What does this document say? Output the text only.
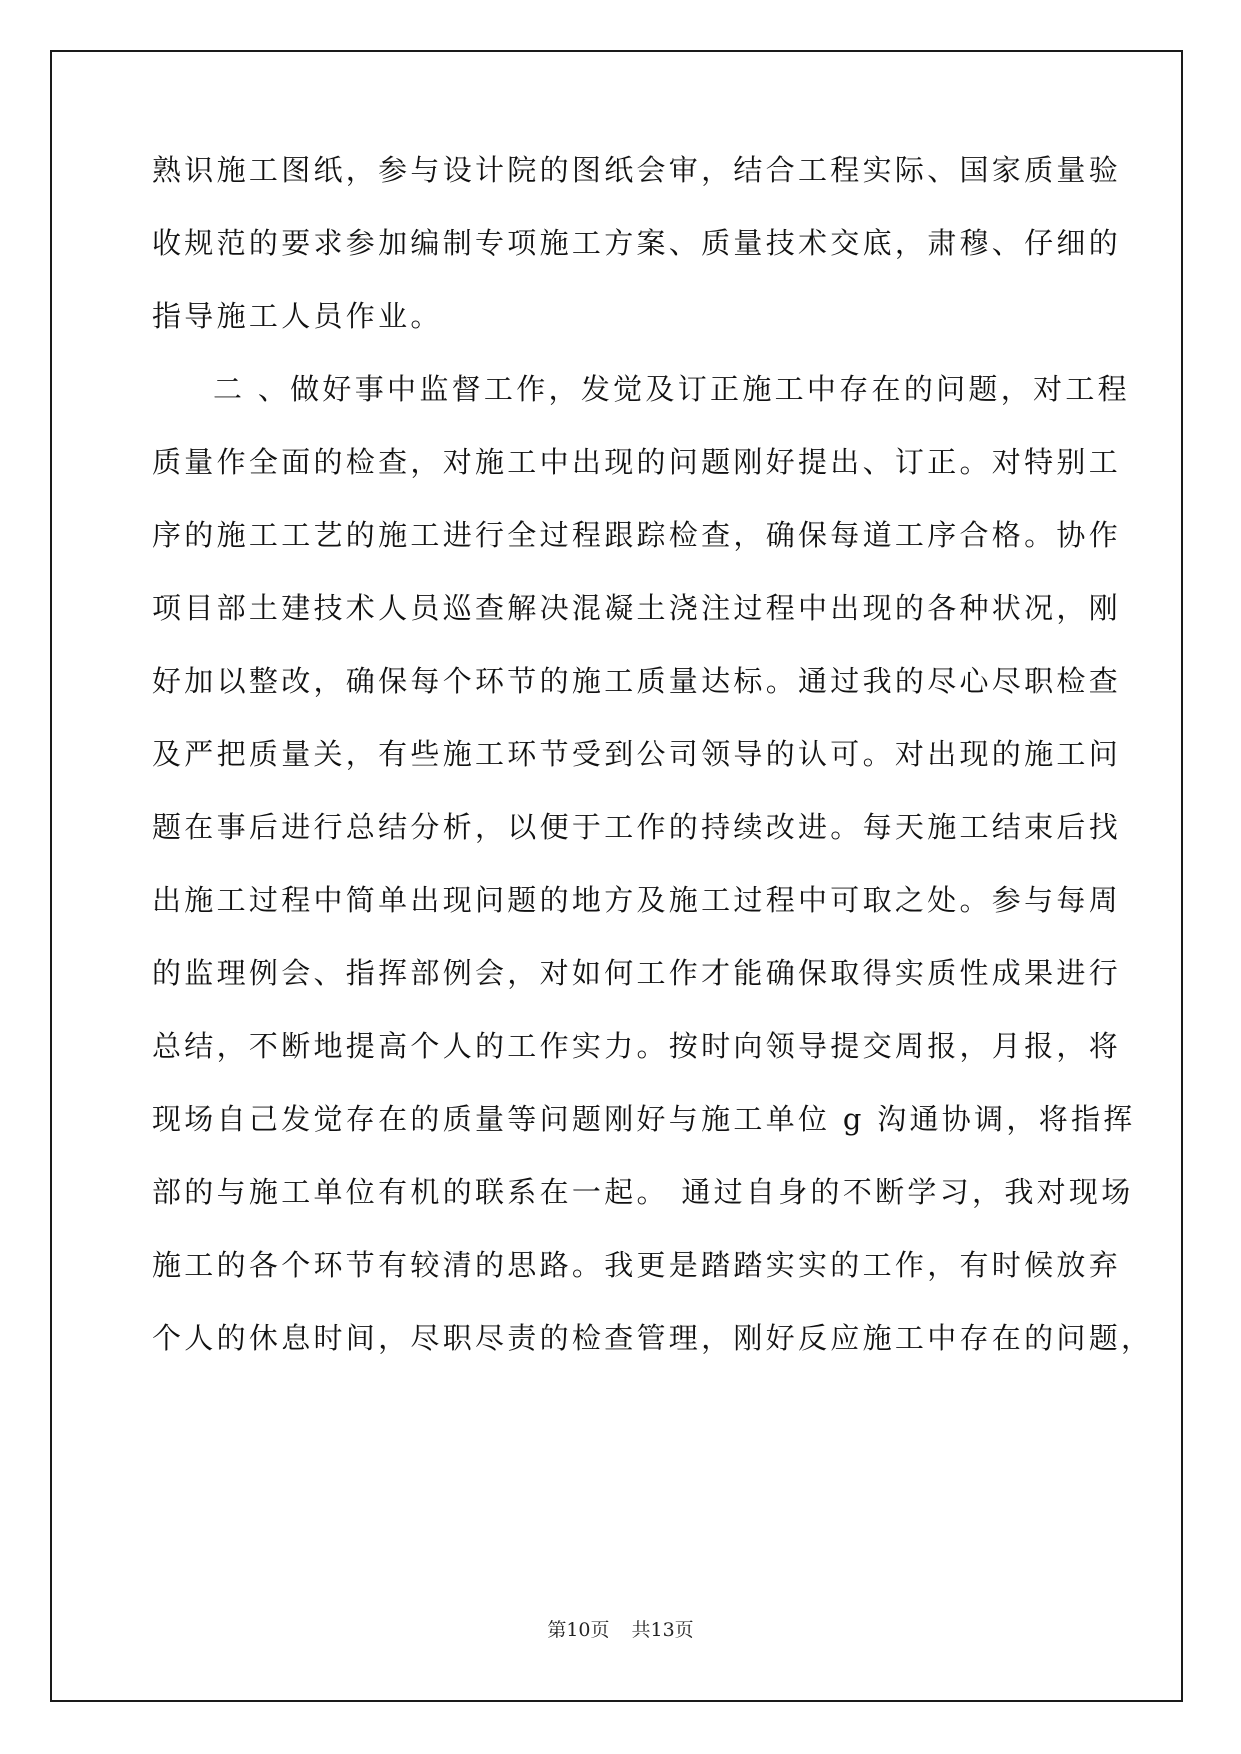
熟识施工图纸，参与设计院的图纸会审，结合工程实际、国家质量验
收规范的要求参加编制专项施工方案、质量技术交底，肃穆、仔细的
指导施工人员作业。
二 、做好事中监督工作，发觉及订正施工中存在的问题，对工程
质量作全面的检查，对施工中出现的问题刚好提出、订正。对特别工
序的施工工艺的施工进行全过程跟踪检查，确保每道工序合格。协作
项目部土建技术人员巡查解决混凝土浇注过程中出现的各种状况，刚
好加以整改，确保每个环节的施工质量达标。通过我的尽心尽职检查
及严把质量关，有些施工环节受到公司领导的认可。对出现的施工问
题在事后进行总结分析，以便于工作的持续改进。每天施工结束后找
出施工过程中简单出现问题的地方及施工过程中可取之处。参与每周
的监理例会、指挥部例会，对如何工作才能确保取得实质性成果进行
总结，不断地提高个人的工作实力。按时向领导提交周报，月报，将
现场自己发觉存在的质量等问题刚好与施工单位 g 沟通协调，将指挥
部的与施工单位有机的联系在一起。 通过自身的不断学习，我对现场
施工的各个环节有较清的思路。我更是踏踏实实的工作，有时候放弃
个人的休息时间，尽职尽责的检查管理，刚好反应施工中存在的问题，
第10页 共13页
